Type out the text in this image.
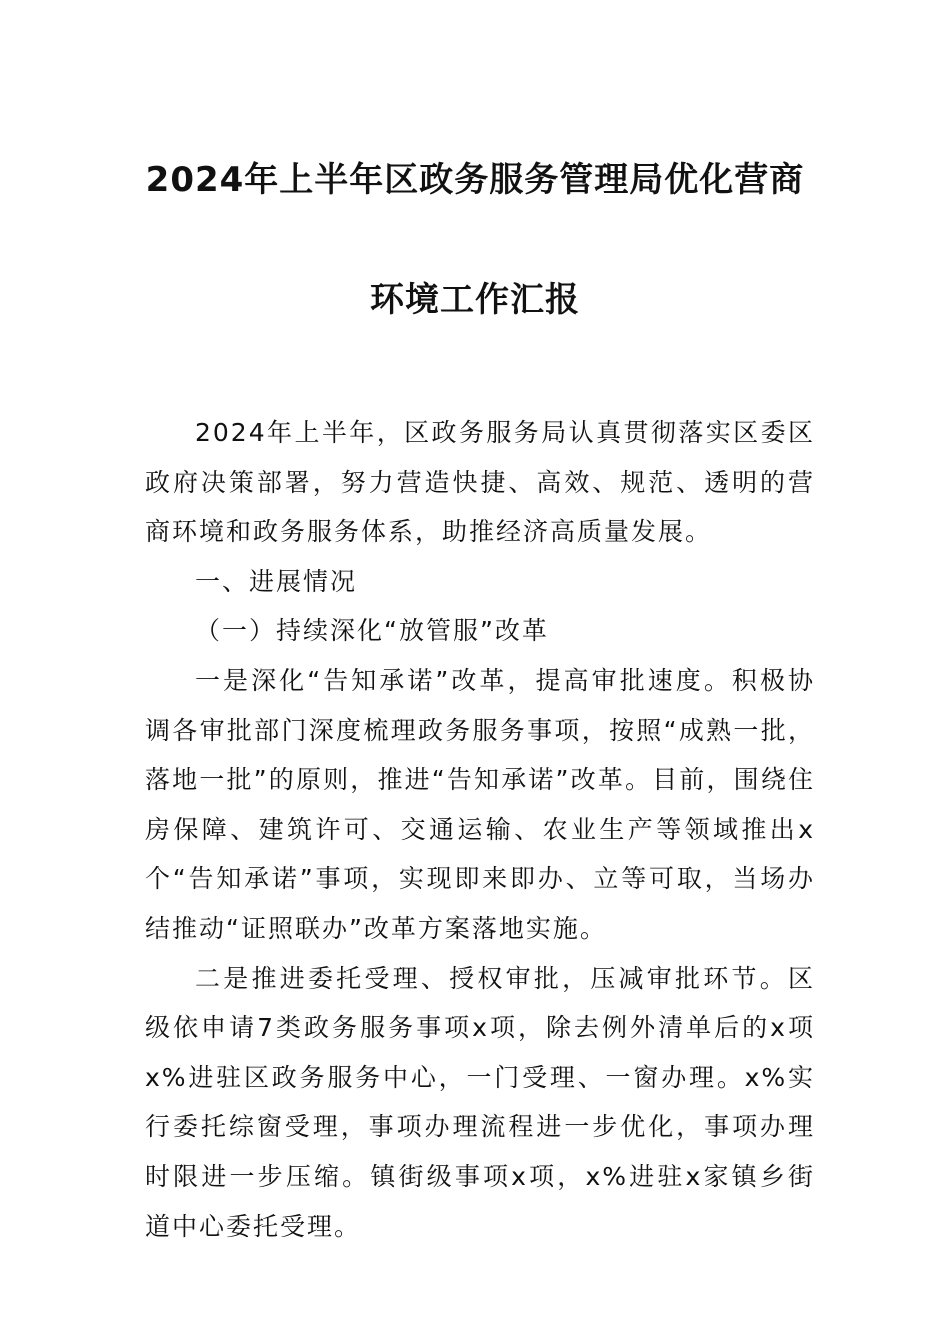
2024年上半年区政务服务管理局优化营商
环境工作汇报

2024年上半年，区政务服务局认真贯彻落实区委区政府决策部署，努力营造快捷、高效、规范、透明的营商环境和政务服务体系，助推经济高质量发展。

一、进展情况

（一）持续深化“放管服”改革

一是深化“告知承诺”改革，提高审批速度。积极协调各审批部门深度梳理政务服务事项，按照“成熟一批，落地一批”的原则，推进“告知承诺”改革。目前，围绕住房保障、建筑许可、交通运输、农业生产等领域推出x个“告知承诺”事项，实现即来即办、立等可取，当场办结推动“证照联办”改革方案落地实施。

二是推进委托受理、授权审批，压减审批环节。区级依申请7类政务服务事项x项，除去例外清单后的x项x%进驻区政务服务中心，一门受理、一窗办理。x%实行委托综窗受理，事项办理流程进一步优化，事项办理时限进一步压缩。镇街级事项x项，x%进驻x家镇乡街道中心委托受理。
